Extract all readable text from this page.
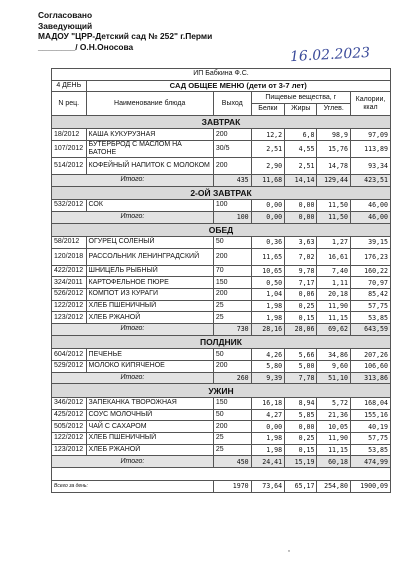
Согласовано
Заведующий
МАДОУ "ЦРР-Детский сад № 252" г.Перми
________/ О.Н.Оносова	16.02.2023
ИП Бабкина Ф.С.						
4 ДЕНЬ	САД ОБЩЕЕ МЕНЮ (дети от 3-7 лет)					
N рец.	Наименование блюда	Выход	Пищевые вещества, г			Калории, ккал
			Белки	Жиры	Углев.	
ЗАВТРАК						
18/2012	КАША КУКУРУЗНАЯ	200	12,2	6,8	98,9	97,09
107/2012	БУТЕРБРОД С МАСЛОМ НА БАТОНЕ	30/5	2,51	4,55	15,76	113,89
514/2012	КОФЕЙНЫЙ НАПИТОК С МОЛОКОМ	200	2,90	2,51	14,78	93,34
Итого:		435	11,68	14,14	129,44	423,51
2-ОЙ ЗАВТРАК						
532/2012	СОК	100	0,00	0,00	11,50	46,00
Итого:		100	0,00	0,00	11,50	46,00
ОБЕД						
58/2012	ОГУРЕЦ СОЛЕНЫЙ	50	0,36	3,63	1,27	39,15
120/2018	РАССОЛЬНИК ЛЕНИНГРАДСКИЙ	200	11,65	7,02	16,61	176,23
422/2012	ШНИЦЕЛЬ РЫБНЫЙ	70	10,65	9,78	7,40	160,22
324/2011	КАРТОФЕЛЬНОЕ ПЮРЕ	150	0,50	7,17	1,11	70,97
526/2012	КОМПОТ ИЗ КУРАГИ	200	1,04	0,06	20,18	85,42
122/2012	ХЛЕБ ПШЕНИЧНЫЙ	25	1,98	0,25	11,90	57,75
123/2012	ХЛЕБ РЖАНОЙ	25	1,98	0,15	11,15	53,85
Итого:		730	28,16	28,06	69,62	643,59
ПОЛДНИК						
604/2012	ПЕЧЕНЬЕ	50	4,26	5,66	34,86	207,26
529/2012	МОЛОКО КИПЯЧЕНОЕ	200	5,80	5,00	9,60	106,60
Итого:		260	9,39	7,78	51,10	313,86
УЖИН						
346/2012	ЗАПЕКАНКА ТВОРОЖНАЯ	150	16,18	8,94	5,72	168,04
425/2012	СОУС МОЛОЧНЫЙ	50	4,27	5,85	21,36	155,16
505/2012	ЧАЙ С САХАРОМ	200	0,00	0,00	10,05	40,19
122/2012	ХЛЕБ ПШЕНИЧНЫЙ	25	1,98	0,25	11,90	57,75
123/2012	ХЛЕБ РЖАНОЙ	25	1,98	0,15	11,15	53,85
Итого:		450	24,41	15,19	60,18	474,99

Всего за день:		1970	73,64	65,17	254,80	1900,09
в
